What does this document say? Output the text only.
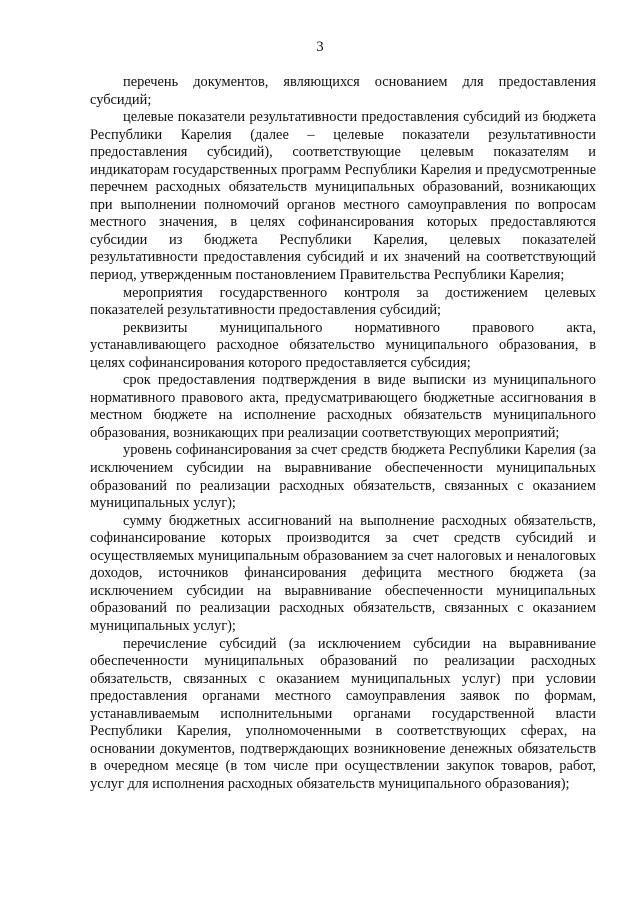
3

перечень документов, являющихся основанием для предоставления субсидий;

целевые показатели результативности предоставления субсидий из бюджета Республики Карелия (далее – целевые показатели результативности предоставления субсидий), соответствующие целевым показателям и индикаторам государственных программ Республики Карелия и предусмотренные перечнем расходных обязательств муниципальных образований, возникающих при выполнении полномочий органов местного самоуправления по вопросам местного значения, в целях софинансирования которых предоставляются субсидии из бюджета Республики Карелия, целевых показателей результативности предоставления субсидий и их значений на соответствующий период, утвержденным постановлением Правительства Республики Карелия;

мероприятия государственного контроля за достижением целевых показателей результативности предоставления субсидий;

реквизиты муниципального нормативного правового акта, устанавливающего расходное обязательство муниципального образования, в целях софинансирования которого предоставляется субсидия;

срок предоставления подтверждения в виде выписки из муниципального нормативного правового акта, предусматривающего бюджетные ассигнования в местном бюджете на исполнение расходных обязательств муниципального образования, возникающих при реализации соответствующих мероприятий;

уровень софинансирования за счет средств бюджета Республики Карелия (за исключением субсидии на выравнивание обеспеченности муниципальных образований по реализации расходных обязательств, связанных с оказанием муниципальных услуг);

сумму бюджетных ассигнований на выполнение расходных обязательств, софинансирование которых производится за счет средств субсидий и осуществляемых муниципальным образованием за счет налоговых и неналоговых доходов, источников финансирования дефицита местного бюджета (за исключением субсидии на выравнивание обеспеченности муниципальных образований по реализации расходных обязательств, связанных с оказанием муниципальных услуг);

перечисление субсидий (за исключением субсидии на выравнивание обеспеченности муниципальных образований по реализации расходных обязательств, связанных с оказанием муниципальных услуг) при условии предоставления органами местного самоуправления заявок по формам, устанавливаемым исполнительными органами государственной власти Республики Карелия, уполномоченными в соответствующих сферах, на основании документов, подтверждающих возникновение денежных обязательств в очередном месяце (в том числе при осуществлении закупок товаров, работ, услуг для исполнения расходных обязательств муниципального образования);
